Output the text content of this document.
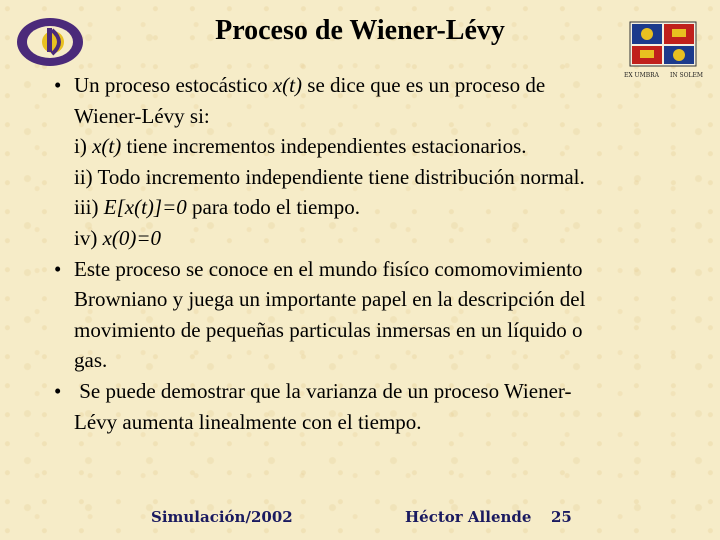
Proceso de Wiener-Lévy
EX UMBRA IN SOLEM
• Un proceso estocástico x(t) se dice que es un proceso de
Wiener-Lévy si:
i) x(t) tiene incrementos independientes estacionarios.
ii) Todo incremento independiente tiene distribución normal.
iii) E[x(t)]=0 para todo el tiempo.
iv) x(0)=0
• Este proceso se conoce en el mundo fisíco comomovimiento
Browniano y juega un importante papel en la descripción del
movimiento de pequeñas particulas inmersas en un líquido o
gas.
• Se puede demostrar que la varianza de un proceso Wiener-
Lévy aumenta linealmente con el tiempo.
Simulación/2002	Héctor Allende 25
